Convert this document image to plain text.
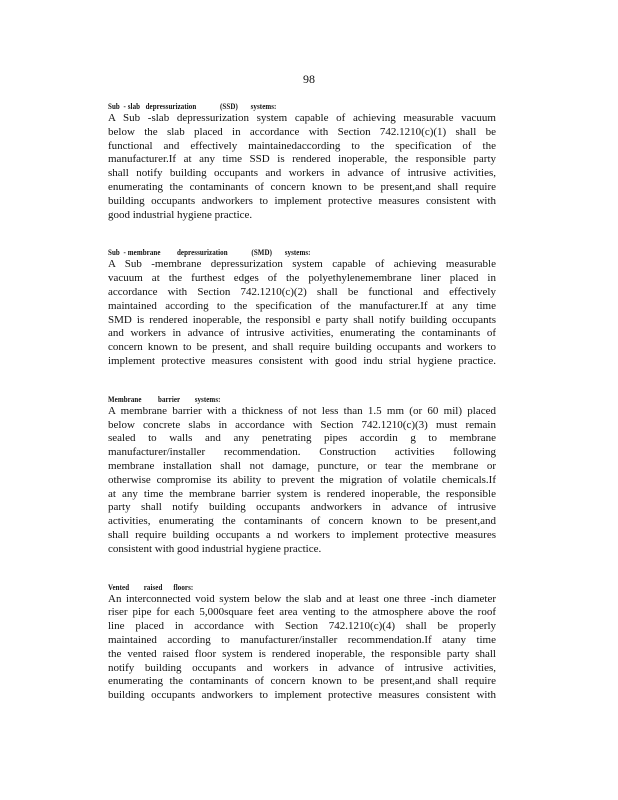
98
Sub  - slab   depressurization             (SSD)       systems:
A Sub -slab depressurization system capable of achieving measurable vacuum
below the slab placed in accordance with Section 742.1210(c)(1) shall be
functional and effectively maintainedaccording to the specification of the
manufacturer.If at any time SSD is rendered inoperable, the responsible party
shall notify building occupants and workers in advance of intrusive activities,
enumerating the contaminants of concern known to be present,and shall require
building occupants andworkers to implement protective measures consistent with
good industrial hygiene practice.
Sub  - membrane         depressurization             (SMD)       systems:
A Sub -membrane depressurization system capable of achieving measurable
vacuum at the furthest edges of the polyethylenemembrane liner placed in
accordance with Section 742.1210(c)(2) shall be functional and effectively
maintained according to the specification of the manufacturer.If at any time
SMD is rendered inoperable, the responsibl e party shall notify building occupants
and workers in advance of intrusive activities, enumerating the contaminants of
concern known to be present, and shall require building occupants and workers to
implement protective measures consistent with good indu strial hygiene practice.
Membrane         barrier        systems:
A membrane barrier with a thickness of not less than 1.5 mm (or 60 mil) placed
below concrete slabs in accordance with Section 742.1210(c)(3) must remain
sealed to walls and any penetrating pipes accordin g to membrane
manufacturer/installer recommendation. Construction activities following
membrane installation shall not damage, puncture, or tear the membrane or
otherwise compromise its ability to prevent the migration of volatile chemicals.If
at any time the membrane barrier system is rendered inoperable, the responsible
party shall notify building occupants andworkers in advance of intrusive
activities, enumerating the contaminants of concern known to be present,and
shall require building occupants a nd workers to implement protective measures
consistent with good industrial hygiene practice.
Vented        raised      floors:
An interconnected void system below the slab and at least one three -inch diameter
riser pipe for each 5,000square feet area venting to the atmosphere above the roof
line placed in accordance with Section 742.1210(c)(4) shall be properly
maintained according to manufacturer/installer recommendation.If atany time
the vented raised floor system is rendered inoperable, the responsible party shall
notify building occupants and workers in advance of intrusive activities,
enumerating the contaminants of concern known to be present,and shall require
building occupants andworkers to implement protective measures consistent with
